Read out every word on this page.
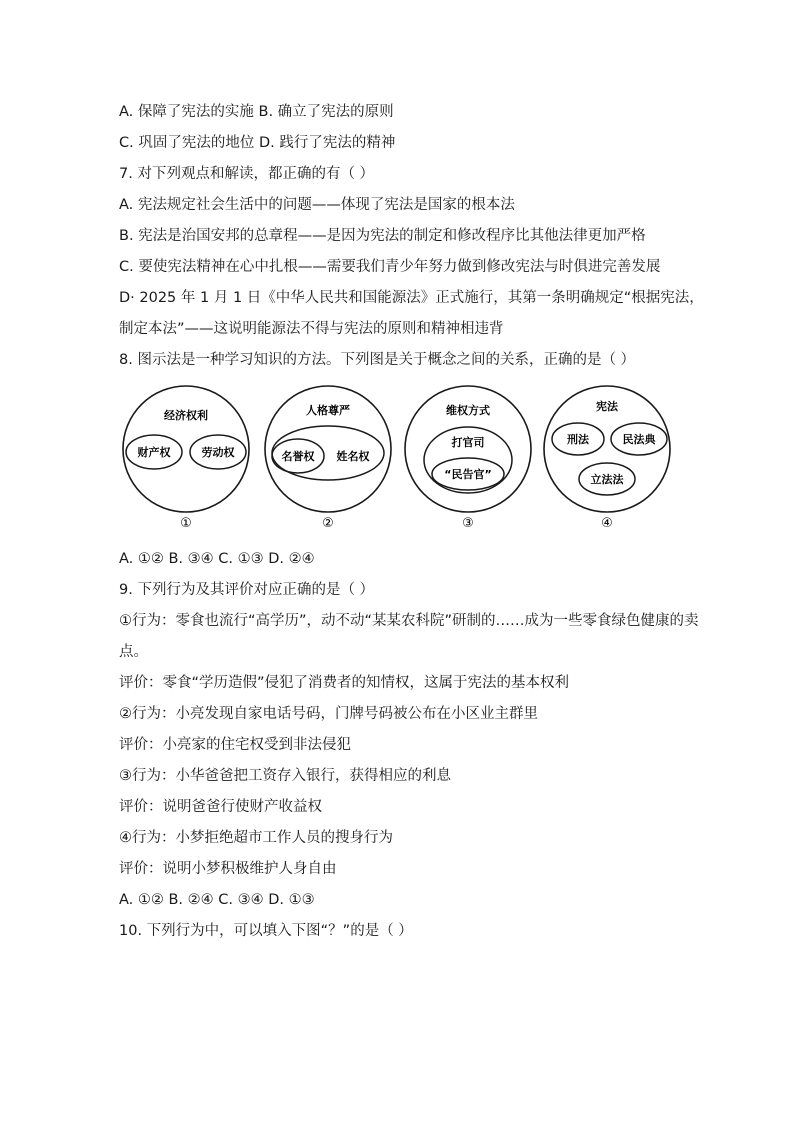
A. 保障了宪法的实施 B. 确立了宪法的原则
C. 巩固了宪法的地位 D. 践行了宪法的精神
7. 对下列观点和解读，都正确的有（ ）
A. 宪法规定社会生活中的问题——体现了宪法是国家的根本法
B. 宪法是治国安邦的总章程——是因为宪法的制定和修改程序比其他法律更加严格
C. 要使宪法精神在心中扎根——需要我们青少年努力做到修改宪法与时俱进完善发展
D· 2025 年 1 月 1 日《中华人民共和国能源法》正式施行，其第一条明确规定“根据宪法，
制定本法”——这说明能源法不得与宪法的原则和精神相违背
8. 图示法是一种学习知识的方法。下列图是关于概念之间的关系，正确的是（ ）
经济权利
财产权	劳动权
①
人格尊严
名誉权 姓名权
②
维权方式
打官司
“民告官”
③
宪法
刑法	民法典
立法法
④
A. ①② B. ③④ C. ①③ D. ②④
9. 下列行为及其评价对应正确的是（ ）
①行为：零食也流行“高学历”，动不动“某某农科院”研制的……成为一些零食绿色健康的卖
点。
评价：零食“学历造假”侵犯了消费者的知情权，这属于宪法的基本权利
②行为：小亮发现自家电话号码，门牌号码被公布在小区业主群里
评价：小亮家的住宅权受到非法侵犯
③行为：小华爸爸把工资存入银行，获得相应的利息
评价：说明爸爸行使财产收益权
④行为：小梦拒绝超市工作人员的搜身行为
评价：说明小梦积极维护人身自由
A. ①② B. ②④ C. ③④ D. ①③
10. 下列行为中，可以填入下图“？”的是（ ）
